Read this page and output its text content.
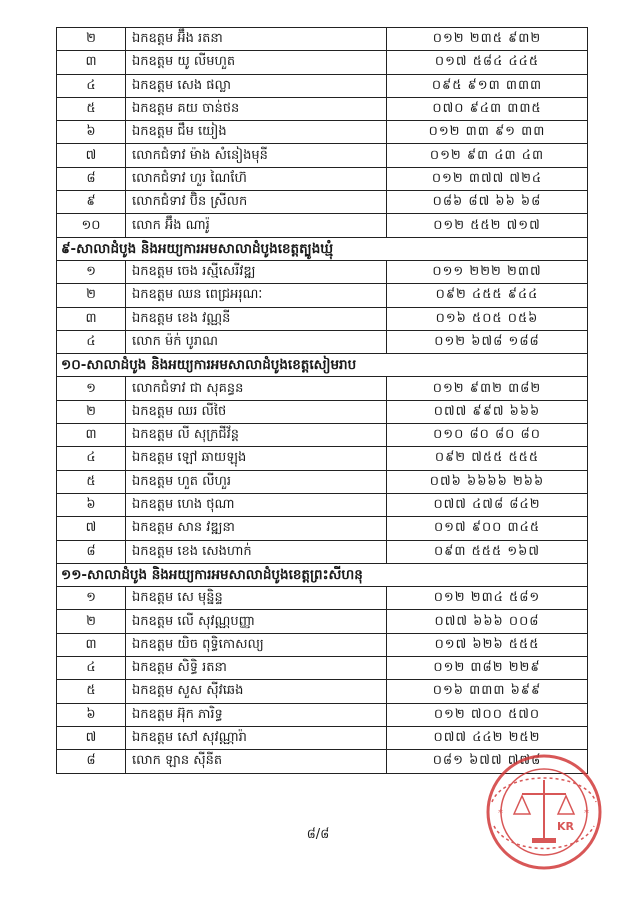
២	ឯកឧត្តម អ៊ឹង រតនា	០១២ ២៣៥ ៩៣២
៣	ឯកឧត្តម យូ លីមហួត	០១៧ ៥៨៤ ៤៤៥
៤	ឯកឧត្តម សេង ផល្លា	០៩៥ ៩១៣ ៣៣៣
៥	ឯកឧត្តម គយ ចាន់ថន	០៧០ ៩៤៣ ៣៣៥
៦	ឯកឧត្តម ជឹម យៀង	០១២ ៣៣ ៩១ ៣៣
៧	លោកជំទាវ ម៉ាង សំនៀងមុនី	០១២ ៩៣ ៤៣ ៤៣
៨	លោកជំទាវ ហួរ ណៃហ៊ែ	០១២ ៣៧៧ ៧២៤
៩	លោកជំទាវ ប៊ិន ស្រីលក	០៨៦ ៨៧ ៦៦ ៦៨
១០	លោក អ៊ឹង ណារ៉ូ	០១២ ៥៥២ ៧១៧
៩-សាលាដំបូង និងអយ្យការអមសាលាដំបូងខេត្តត្បូងឃ្មុំ		
១	ឯកឧត្តម ចេង រស្មីសេរីវឌ្ឍ	០១១ ២២២ ២៣៧
២	ឯកឧត្តម ឈន ពេជ្រអរុណៈ	០៩២ ៤៥៥ ៩៤៤
៣	ឯកឧត្តម ខេង វណ្ណនី	០១៦ ៥០៥ ០៥៦
៤	លោក ម៉ក់ បូរាណ	០១២ ៦៧៨ ១៨៨
១០-សាលាដំបូង និងអយ្យការអមសាលាដំបូងខេត្តសៀមរាប		
១	លោកជំទាវ ជា សុគន្ធន	០១២ ៩៣២ ៣៨២
២	ឯកឧត្តម ឈរ លីថៃ	០៧៧ ៩៩៧ ៦៦៦
៣	ឯកឧត្តម លី សុក្រជីវ័ន្ត	០១០ ៨០ ៨០ ៨០
៤	ឯកឧត្តម ឡៅ ឆាយឡុង	០៩២ ៧៥៥ ៥៥៥
៥	ឯកឧត្តម ហួត លីហួរ	០៧៦ ៦៦៦៦ ២៦៦
៦	ឯកឧត្តម ហេង ថុណា	០៧៧ ៤៧៨ ៨៤២
៧	ឯកឧត្តម សាន វឌ្ឍនា	០១៧ ៩០០ ៣៤៥
៨	ឯកឧត្តម ខេង សេងហាក់	០៩៣ ៥៥៥ ១៦៧
១១-សាលាដំបូង និងអយ្យការអមសាលាដំបូងខេត្តព្រះសីហនុ		
១	ឯកឧត្តម សេ មុន្និន្ទ	០១២ ២៣៤ ៥៨១
២	ឯកឧត្តម លើ សុវណ្ណបញ្ញា	០៧៧ ៦៦៦ ០០៨
៣	ឯកឧត្តម យិច ពុទ្ធិកោសល្យ	០១៧ ៦២៦ ៥៥៥
៤	ឯកឧត្តម សិទ្ធិ រតនា	០១២ ៣៨២ ២២៩
៥	ឯកឧត្តម សួស ស៊ីវឆេង	០១៦ ៣៣៣ ៦៩៩
៦	ឯកឧត្តម អ៊ុក ភារិទ្ធ	០១២ ៧០០ ៥៧០
៧	ឯកឧត្តម សៅ សុវណ្ណារ៉ា	០៧៧ ៤៤២ ២៥២
៨	លោក ឡាន ស៊ីនីត	០៨១ ៦៧៧ ៧៧៨
៨/៨
KR
*	*
